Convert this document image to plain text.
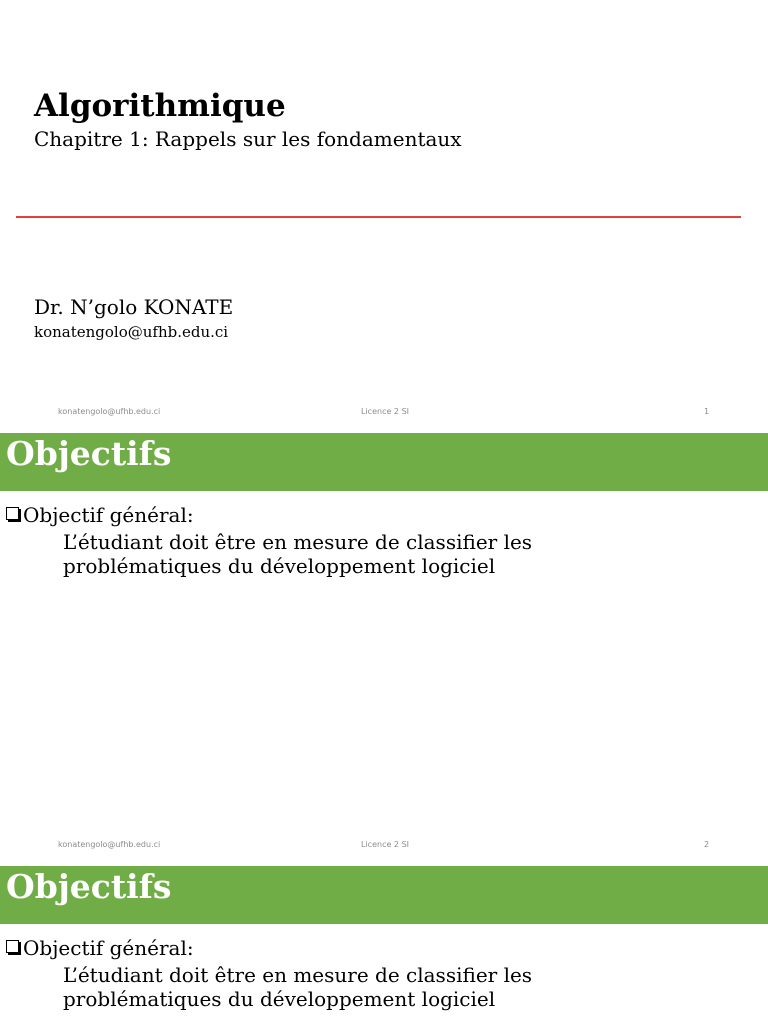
Algorithmique
Chapitre 1: Rappels sur les fondamentaux
Dr. N’golo KONATE
konatengolo@ufhb.edu.ci
konatengolo@ufhb.edu.ci	Licence 2 SI	1
Objectifs
Objectif général:
L’étudiant doit être en mesure de classifier les
problématiques du développement logiciel
konatengolo@ufhb.edu.ci	Licence 2 SI	2
Objectifs
Objectif général:
L’étudiant doit être en mesure de classifier les
problématiques du développement logiciel
